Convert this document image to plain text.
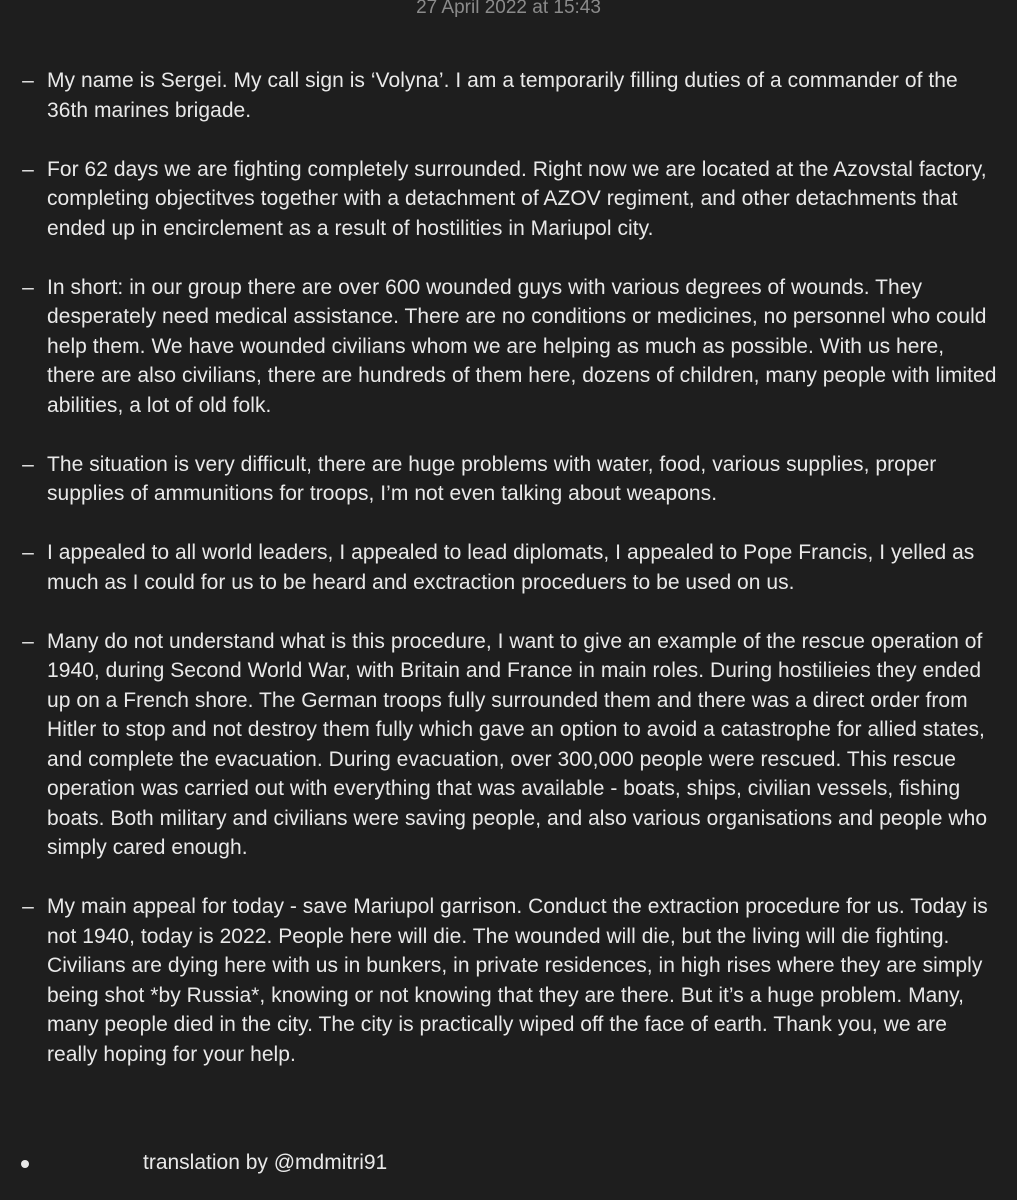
27 April 2022 at 15:43
– My name is Sergei. My call sign is ‘Volyna’. I am a temporarily filling duties of a commander of the 36th marines brigade.
– For 62 days we are fighting completely surrounded. Right now we are located at the Azovstal factory, completing objectitves together with a detachment of AZOV regiment, and other detachments that ended up in encirclement as a result of hostilities in Mariupol city.
– In short: in our group there are over 600 wounded guys with various degrees of wounds. They desperately need medical assistance. There are no conditions or medicines, no personnel who could help them. We have wounded civilians whom we are helping as much as possible. With us here, there are also civilians, there are hundreds of them here, dozens of children, many people with limited abilities, a lot of old folk.
– The situation is very difficult, there are huge problems with water, food, various supplies, proper supplies of ammunitions for troops, I’m not even talking about weapons.
– I appealed to all world leaders, I appealed to lead diplomats, I appealed to Pope Francis, I yelled as much as I could for us to be heard and exctraction proceduers to be used on us.
– Many do not understand what is this procedure, I want to give an example of the rescue operation of 1940, during Second World War, with Britain and France in main roles. During hostilieies they ended up on a French shore. The German troops fully surrounded them and there was a direct order from Hitler to stop and not destroy them fully which gave an option to avoid a catastrophe for allied states, and complete the evacuation. During evacuation, over 300,000 people were rescued. This rescue operation was carried out with everything that was available - boats, ships, civilian vessels, fishing boats. Both military and civilians were saving people, and also various organisations and people who simply cared enough.
– My main appeal for today - save Mariupol garrison. Conduct the extraction procedure for us. Today is not 1940, today is 2022. People here will die. The wounded will die, but the living will die fighting. Civilians are dying here with us in bunkers, in private residences, in high rises where they are simply being shot *by Russia*, knowing or not knowing that they are there. But it’s a huge problem. Many, many people died in the city. The city is practically wiped off the face of earth. Thank you, we are really hoping for your help.
translation by @mdmitri91
